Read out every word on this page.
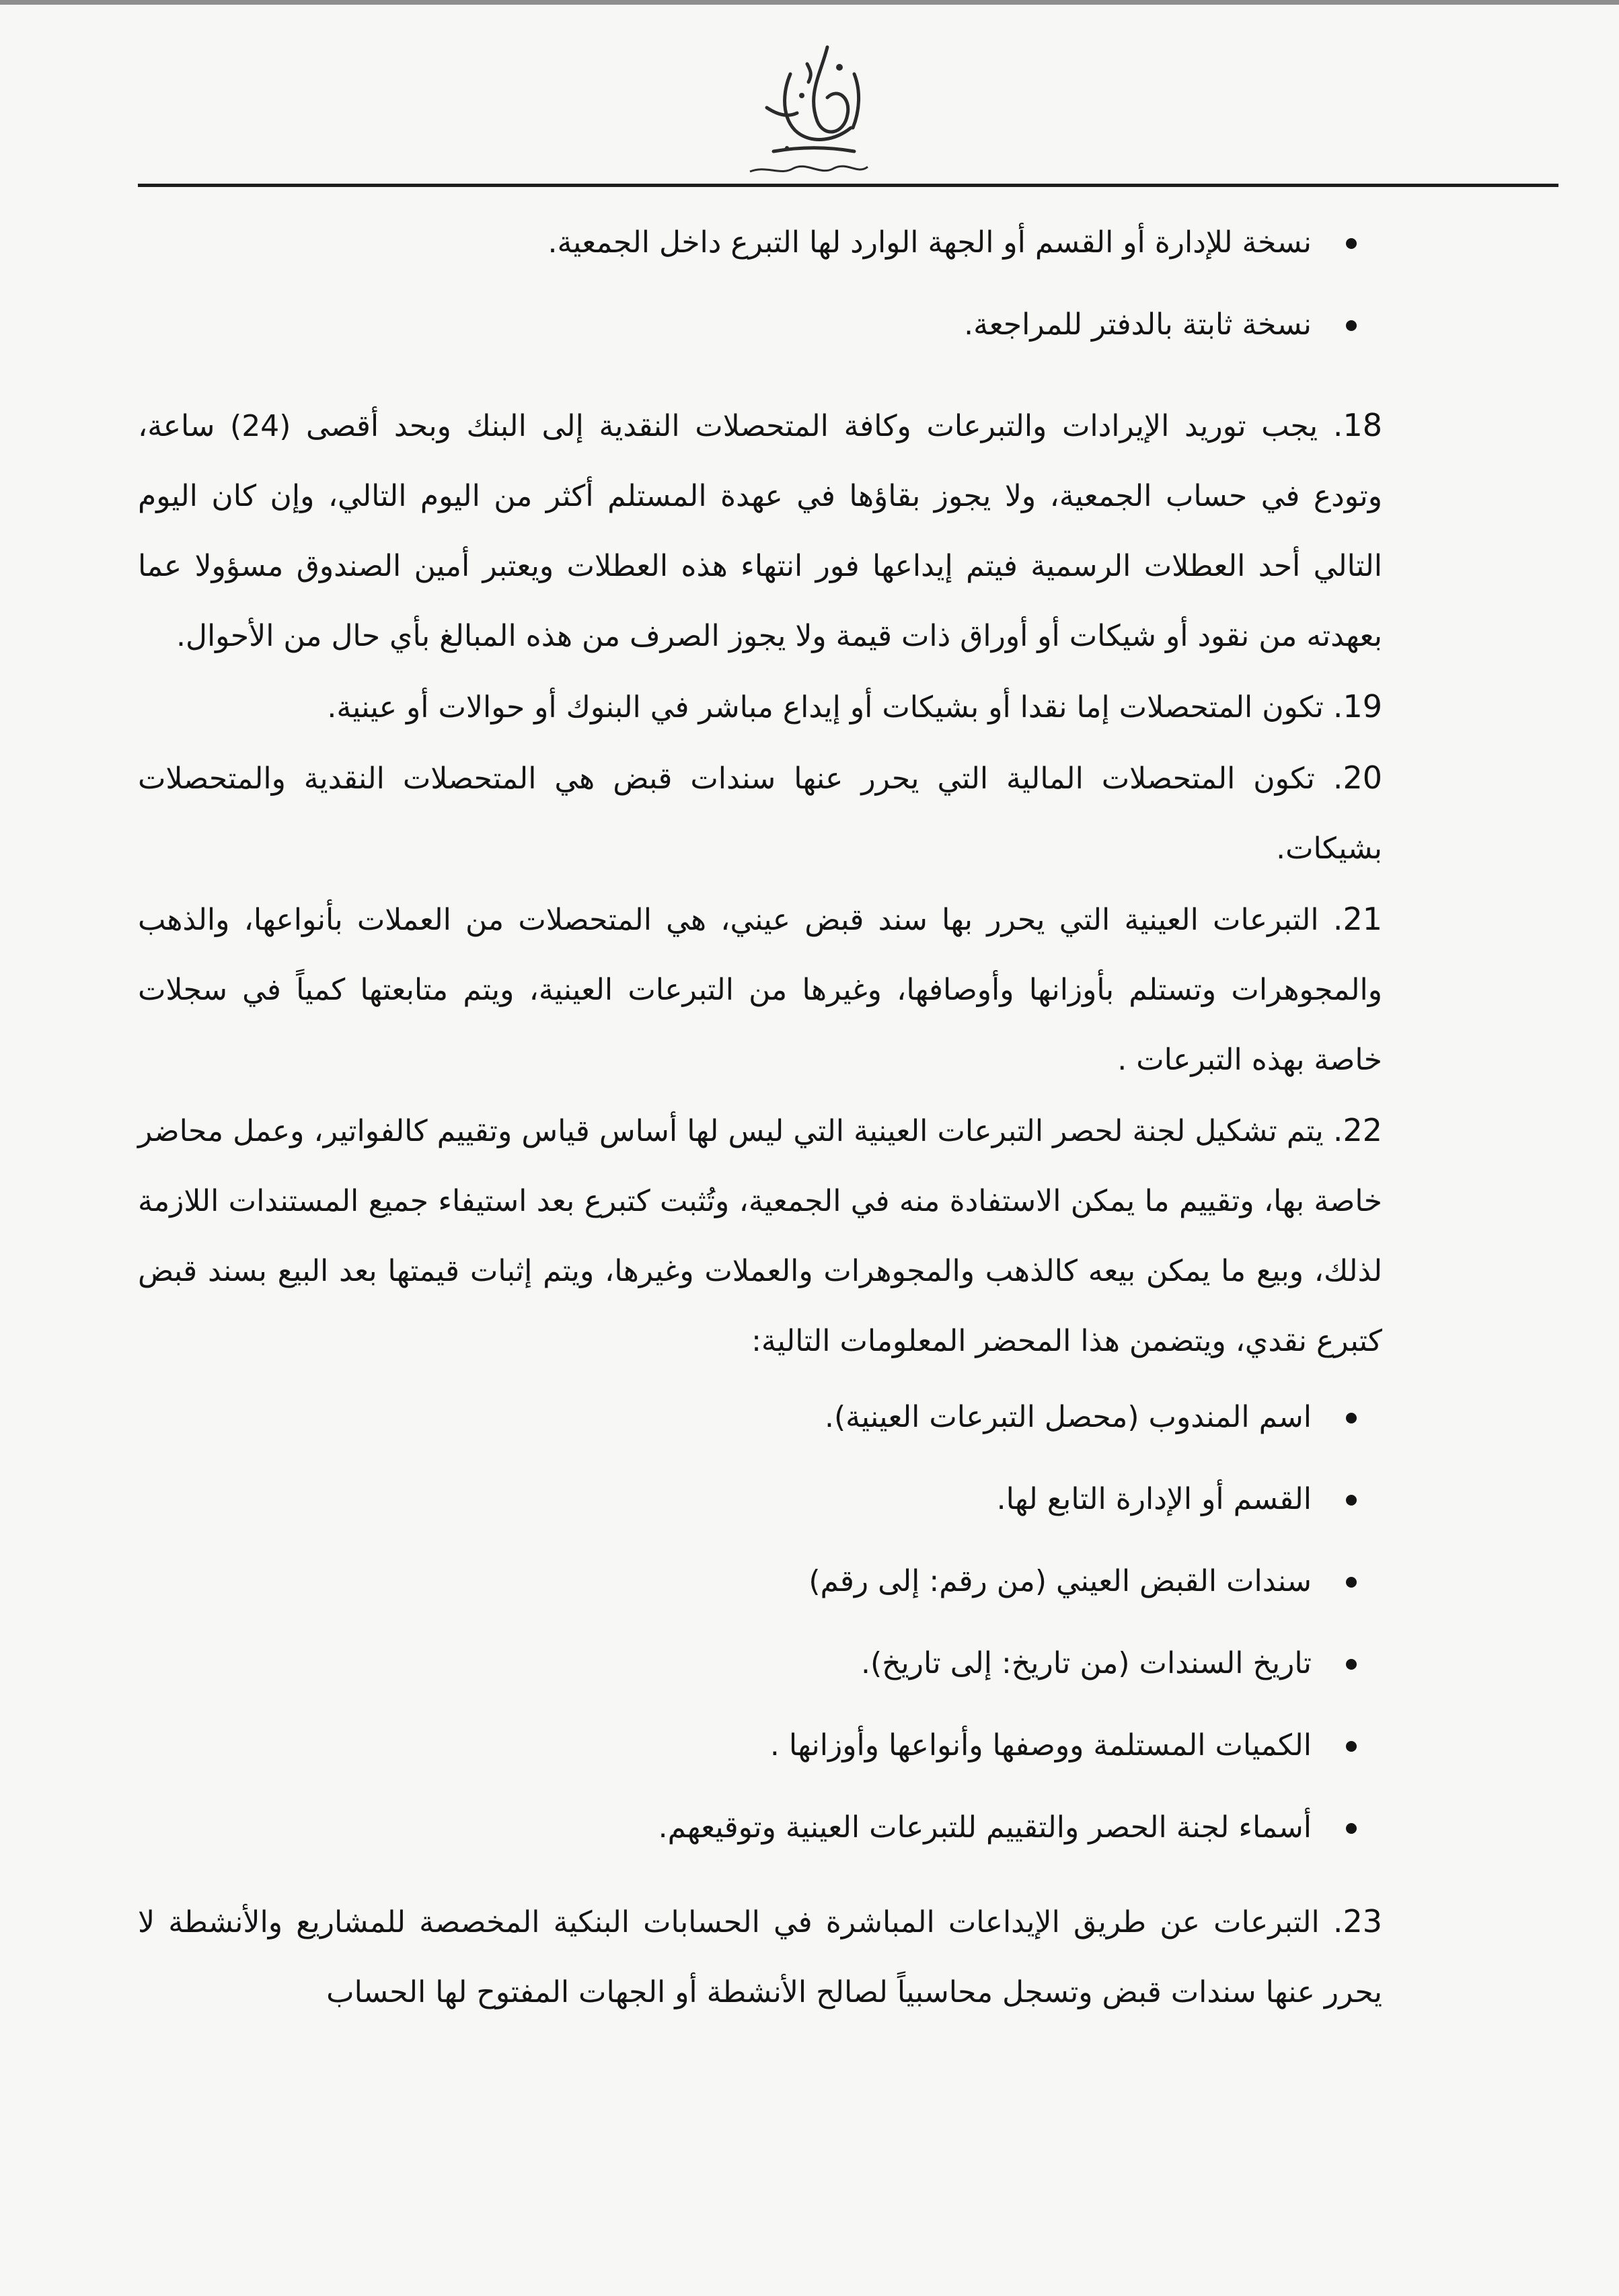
نسخة للإدارة أو القسم أو الجهة الوارد لها التبرع داخل الجمعية.
نسخة ثابتة بالدفتر للمراجعة.

18. يجب توريد الإيرادات والتبرعات وكافة المتحصلات النقدية إلى البنك وبحد أقصى (24) ساعة، وتودع في حساب الجمعية، ولا يجوز بقاؤها في عهدة المستلم أكثر من اليوم التالي، وإن كان اليوم التالي أحد العطلات الرسمية فيتم إيداعها فور انتهاء هذه العطلات ويعتبر أمين الصندوق مسؤولا عما بعهدته من نقود أو شيكات أو أوراق ذات قيمة ولا يجوز الصرف من هذه المبالغ بأي حال من الأحوال.

19. تكون المتحصلات إما نقدا أو بشيكات أو إيداع مباشر في البنوك أو حوالات أو عينية.

20. تكون المتحصلات المالية التي يحرر عنها سندات قبض هي المتحصلات النقدية والمتحصلات بشيكات.

21. التبرعات العينية التي يحرر بها سند قبض عيني، هي المتحصلات من العملات بأنواعها، والذهب والمجوهرات وتستلم بأوزانها وأوصافها، وغيرها من التبرعات العينية، ويتم متابعتها كمياً في سجلات خاصة بهذه التبرعات .

22. يتم تشكيل لجنة لحصر التبرعات العينية التي ليس لها أساس قياس وتقييم كالفواتير، وعمل محاضر خاصة بها، وتقييم ما يمكن الاستفادة منه في الجمعية، وتُثبت كتبرع بعد استيفاء جميع المستندات اللازمة لذلك، وبيع ما يمكن بيعه كالذهب والمجوهرات والعملات وغيرها، ويتم إثبات قيمتها بعد البيع بسند قبض كتبرع نقدي، ويتضمن هذا المحضر المعلومات التالية:

اسم المندوب (محصل التبرعات العينية).
القسم أو الإدارة التابع لها.
سندات القبض العيني (من رقم: إلى رقم)
تاريخ السندات (من تاريخ: إلى تاريخ).
الكميات المستلمة ووصفها وأنواعها وأوزانها .
أسماء لجنة الحصر والتقييم للتبرعات العينية وتوقيعهم.

23. التبرعات عن طريق الإيداعات المباشرة في الحسابات البنكية المخصصة للمشاريع والأنشطة لا يحرر عنها سندات قبض وتسجل محاسبياً لصالح الأنشطة أو الجهات المفتوح لها الحساب
